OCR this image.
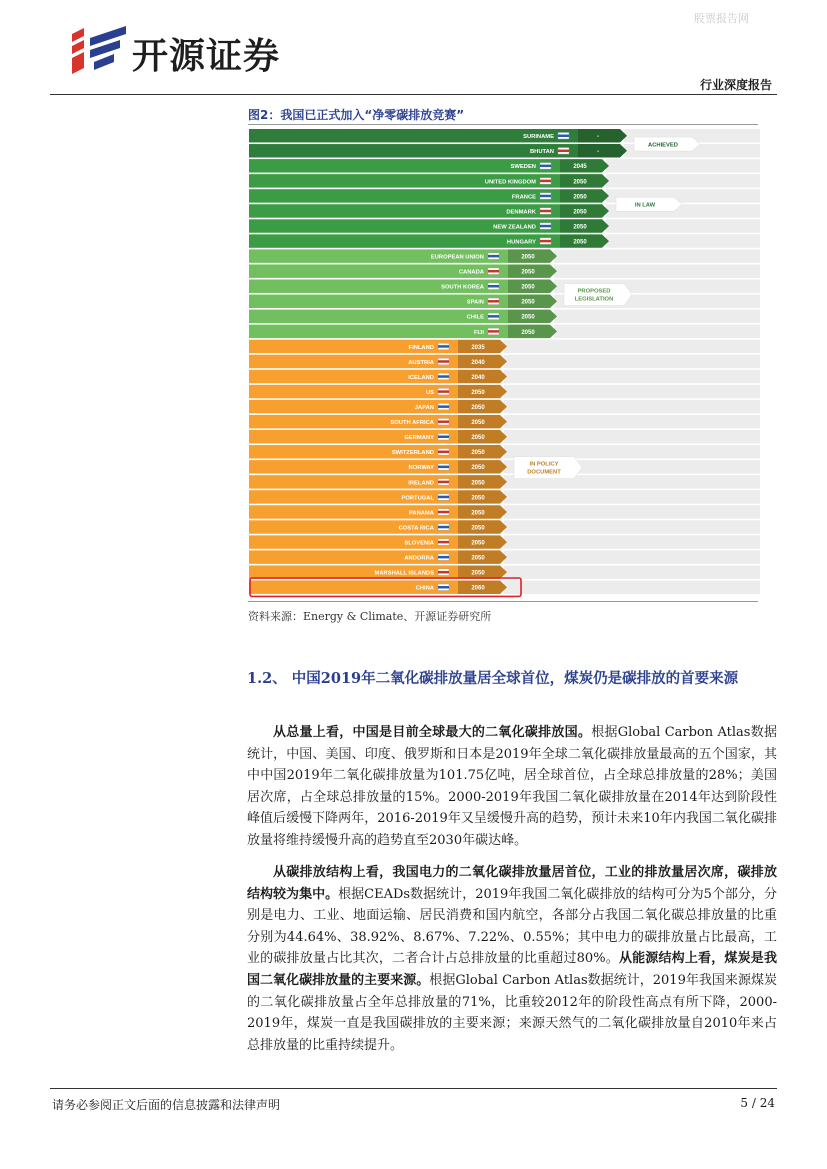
开源证券
股票报告网
行业深度报告
图2：我国已正式加入“净零碳排放竞赛”
SURINAME	-
BHUTAN	-
ACHIEVED
SWEDEN	2045
UNITED KINGDOM	2050
FRANCE	2050
DENMARK	2050
NEW ZEALAND	2050
HUNGARY	2050
IN LAW
EUROPEAN UNION	2050
CANADA	2050
SOUTH KOREA	2050
SPAIN	2050
CHILE	2050
FIJI	2050
PROPOSED
LEGISLATION
FINLAND	2035
AUSTRIA	2040
ICELAND	2040
US	2050
JAPAN	2050
SOUTH AFRICA	2050
GERMANY	2050
SWITZERLAND	2050
NORWAY	2050
IRELAND	2050
PORTUGAL	2050
PANAMA	2050
COSTA RICA	2050
SLOVENIA	2050
ANDORRA	2050
MARSHALL ISLANDS	2050
CHINA	2060
IN POLICY
DOCUMENT
资料来源：Energy & Climate、开源证券研究所
1.2、 中国2019年二氧化碳排放量居全球首位，煤炭仍是碳排放的首要来源
从总量上看，中国是目前全球最大的二氧化碳排放国。根据Global Carbon Atlas数据统计，中国、美国、印度、俄罗斯和日本是2019年全球二氧化碳排放量最高的五个国家，其中中国2019年二氧化碳排放量为101.75亿吨，居全球首位，占全球总排放量的28%；美国居次席，占全球总排放量的15%。2000-2019年我国二氧化碳排放量在2014年达到阶段性峰值后缓慢下降两年，2016-2019年又呈缓慢升高的趋势，预计未来10年内我国二氧化碳排放量将维持缓慢升高的趋势直至2030年碳达峰。
从碳排放结构上看，我国电力的二氧化碳排放量居首位，工业的排放量居次席，碳排放结构较为集中。根据CEADs数据统计，2019年我国二氧化碳排放的结构可分为5个部分，分别是电力、工业、地面运输、居民消费和国内航空，各部分占我国二氧化碳总排放量的比重分别为44.64%、38.92%、8.67%、7.22%、0.55%；其中电力的碳排放量占比最高，工业的碳排放量占比其次，二者合计占总排放量的比重超过80%。从能源结构上看，煤炭是我国二氧化碳排放量的主要来源。根据Global Carbon Atlas数据统计，2019年我国来源煤炭的二氧化碳排放量占全年总排放量的71%，比重较2012年的阶段性高点有所下降，2000-2019年，煤炭一直是我国碳排放的主要来源；来源天然气的二氧化碳排放量自2010年来占总排放量的比重持续提升。
请务必参阅正文后面的信息披露和法律声明	5 / 24
